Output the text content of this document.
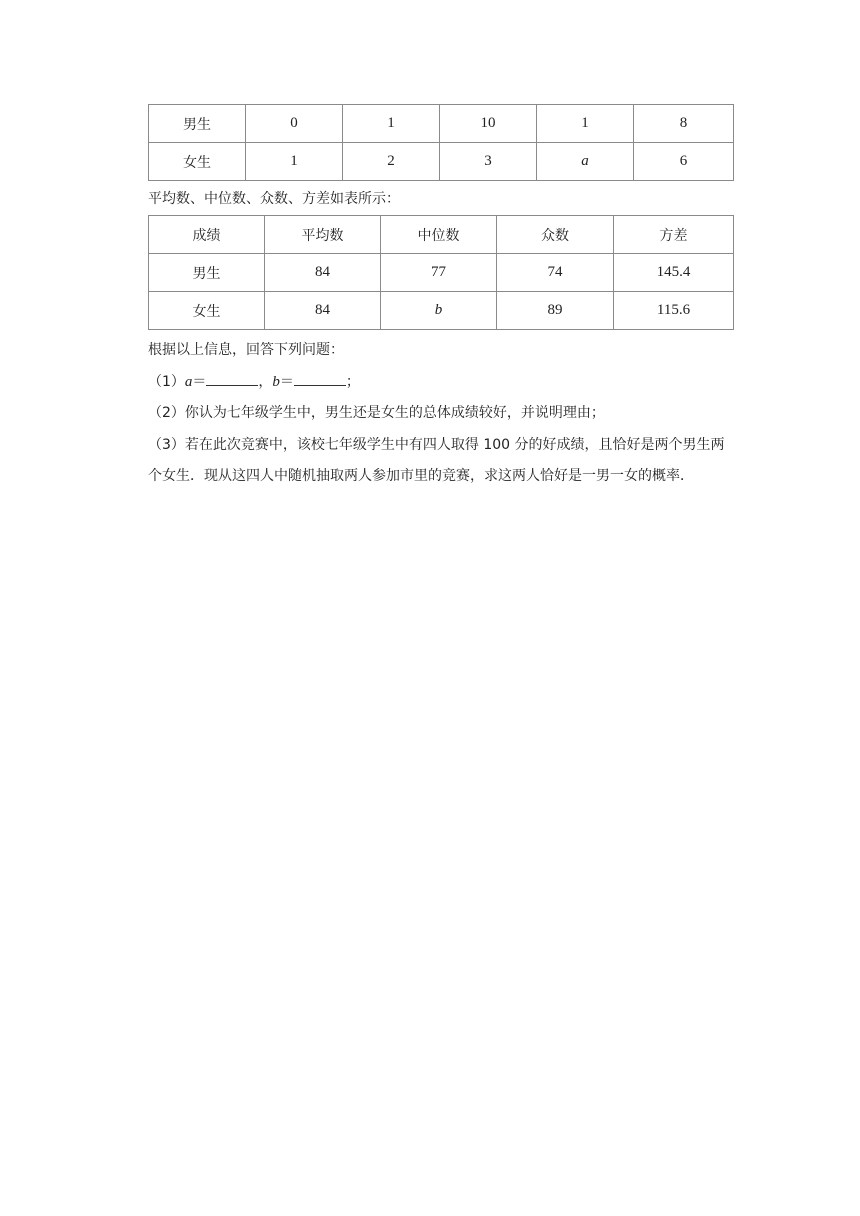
男生	0	1	10	1	8
女生	1	2	3	a	6
平均数、中位数、众数、方差如表所示：
成绩	平均数	中位数	众数	方差
男生	84	77	74	145.4
女生	84	b	89	115.6
根据以上信息，回答下列问题：
（1）a＝	，b＝	；
（2）你认为七年级学生中，男生还是女生的总体成绩较好，并说明理由；
（3）若在此次竞赛中，该校七年级学生中有四人取得 100 分的好成绩，且恰好是两个男生两个女生．现从这四人中随机抽取两人参加市里的竞赛，求这两人恰好是一男一女的概率．
